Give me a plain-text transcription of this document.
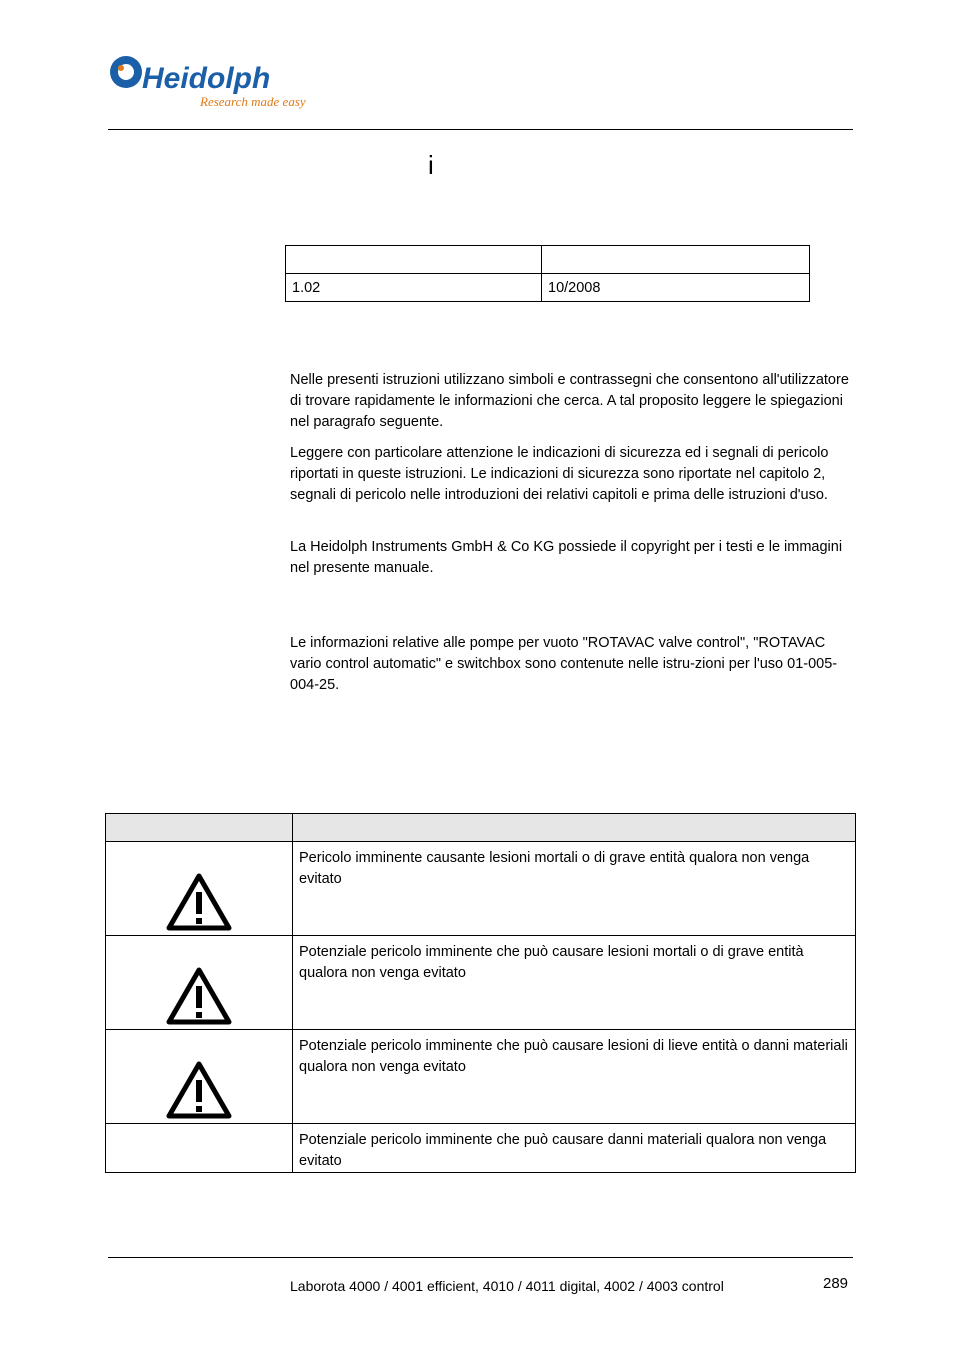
Heidolph
Research made easy
i

1.02	10/2008

Nelle presenti istruzioni utilizzano simboli e contrassegni che consentono all'utilizzatore di trovare rapidamente le informazioni che cerca. A tal proposito leggere le spiegazioni nel paragrafo seguente.

Leggere con particolare attenzione le indicazioni di sicurezza ed i segnali di pericolo riportati in queste istruzioni. Le indicazioni di sicurezza sono riportate nel capitolo 2, segnali di pericolo nelle introduzioni dei relativi capitoli e prima delle istruzioni d'uso.

La Heidolph Instruments GmbH & Co KG possiede il copyright per i testi e le immagini nel presente manuale.

Le informazioni relative alle pompe per vuoto "ROTAVAC valve control", "ROTAVAC vario control automatic" e switchbox sono contenute nelle istru-zioni per l'uso 01-005-004-25.

	Pericolo imminente causante lesioni mortali o di grave entità qualora non venga evitato

	Potenziale pericolo imminente che può causare lesioni mortali o di grave entità qualora non venga evitato

	Potenziale pericolo imminente che può causare lesioni di lieve entità o danni materiali qualora non venga evitato
	Potenziale pericolo imminente che può causare danni materiali qualora non venga evitato
Laborota 4000 / 4001 efficient, 4010 / 4011 digital, 4002 / 4003 control	289
